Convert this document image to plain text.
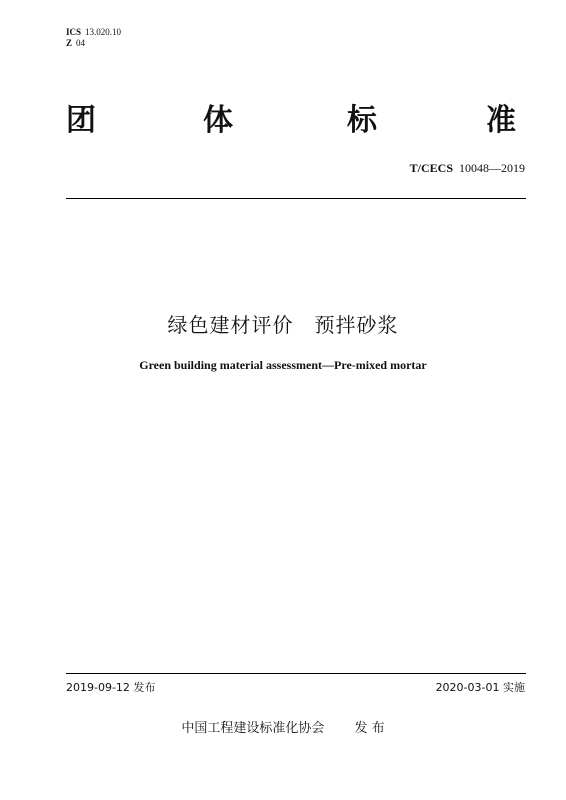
ICS 13.020.10
Z 04
团	体	标	准
T/CECS 10048—2019
绿色建材评价　预拌砂浆
Green building material assessment—Pre-mixed mortar
2019-09-12 发布	2020-03-01 实施
中国工程建设标准化协会 发 布
